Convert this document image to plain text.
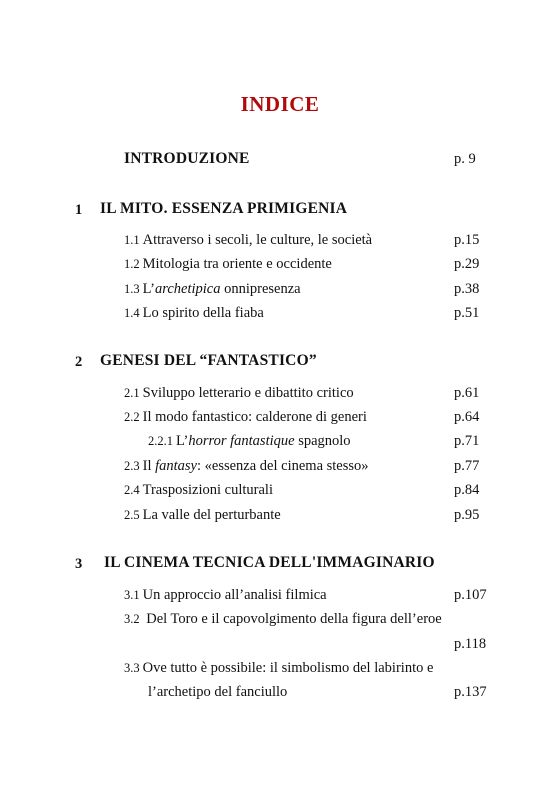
INDICE
INTRODUZIONE	p. 9
1 IL MITO. ESSENZA PRIMIGENIA
1.1 Attraverso i secoli, le culture, le società	p.15
1.2 Mitologia tra oriente e occidente	p.29
1.3 L’archetipica onnipresenza	p.38
1.4 Lo spirito della fiaba	p.51
2 GENESI DEL “FANTASTICO”
2.1 Sviluppo letterario e dibattito critico	p.61
2.2 Il modo fantastico: calderone di generi	p.64
2.2.1 L’horror fantastique spagnolo	p.71
2.3 Il fantasy: «essenza del cinema stesso»	p.77
2.4 Trasposizioni culturali	p.84
2.5 La valle del perturbante	p.95
3 IL CINEMA TECNICA DELL'IMMAGINARIO
3.1 Un approccio all’analisi filmica	p.107
3.2 Del Toro e il capovolgimento della figura dell’eroe
p.118
3.3 Ove tutto è possibile: il simbolismo del labirinto e
l’archetipo del fanciullo	p.137
